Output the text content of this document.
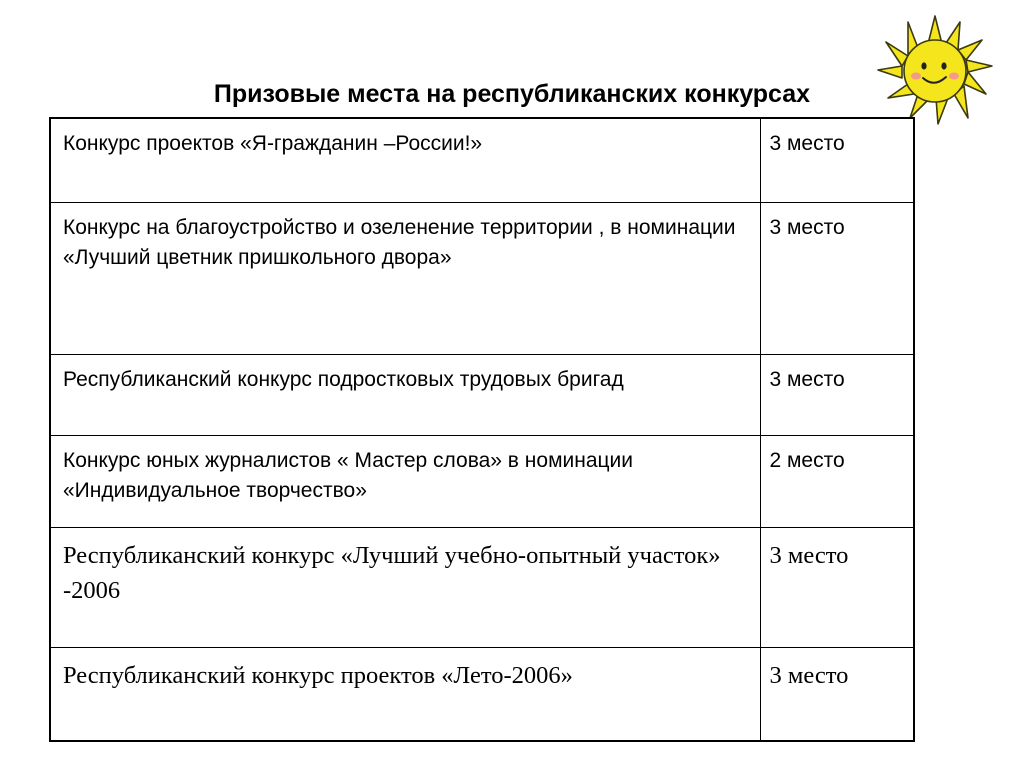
Призовые места на республиканских конкурсах
Конкурс проектов «Я-гражданин –России!»	3 место
Конкурс на благоустройство и озеленение территории , в номинации «Лучший цветник пришкольного двора»	3 место
Республиканский конкурс подростковых трудовых бригад	3 место
Конкурс юных журналистов « Мастер слова» в номинации «Индивидуальное творчество»	2 место
Республиканский конкурс «Лучший учебно-опытный участок» -2006	3 место
Республиканский конкурс проектов «Лето-2006»	3 место
